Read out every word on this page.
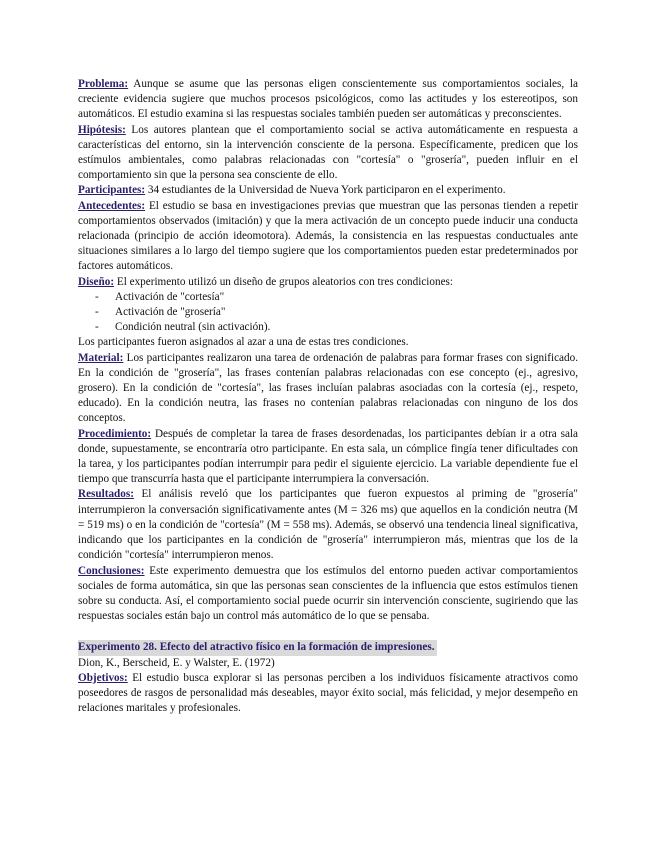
Problema: Aunque se asume que las personas eligen conscientemente sus comportamientos sociales, la creciente evidencia sugiere que muchos procesos psicológicos, como las actitudes y los estereotipos, son automáticos. El estudio examina si las respuestas sociales también pueden ser automáticas y preconscientes.

Hipótesis: Los autores plantean que el comportamiento social se activa automáticamente en respuesta a características del entorno, sin la intervención consciente de la persona. Específicamente, predicen que los estímulos ambientales, como palabras relacionadas con "cortesía" o "grosería", pueden influir en el comportamiento sin que la persona sea consciente de ello.

Participantes: 34 estudiantes de la Universidad de Nueva York participaron en el experimento.

Antecedentes: El estudio se basa en investigaciones previas que muestran que las personas tienden a repetir comportamientos observados (imitación) y que la mera activación de un concepto puede inducir una conducta relacionada (principio de acción ideomotora). Además, la consistencia en las respuestas conductuales ante situaciones similares a lo largo del tiempo sugiere que los comportamientos pueden estar predeterminados por factores automáticos.

Diseño: El experimento utilizó un diseño de grupos aleatorios con tres condiciones:

- Activación de "cortesía"
- Activación de "grosería"
- Condición neutral (sin activación).

Los participantes fueron asignados al azar a una de estas tres condiciones.

Material: Los participantes realizaron una tarea de ordenación de palabras para formar frases con significado. En la condición de "grosería", las frases contenían palabras relacionadas con ese concepto (ej., agresivo, grosero). En la condición de "cortesía", las frases incluían palabras asociadas con la cortesía (ej., respeto, educado). En la condición neutra, las frases no contenían palabras relacionadas con ninguno de los dos conceptos.

Procedimiento: Después de completar la tarea de frases desordenadas, los participantes debían ir a otra sala donde, supuestamente, se encontraría otro participante. En esta sala, un cómplice fingía tener dificultades con la tarea, y los participantes podían interrumpir para pedir el siguiente ejercicio. La variable dependiente fue el tiempo que transcurría hasta que el participante interrumpiera la conversación.

Resultados: El análisis reveló que los participantes que fueron expuestos al priming de "grosería" interrumpieron la conversación significativamente antes (M = 326 ms) que aquellos en la condición neutra (M = 519 ms) o en la condición de "cortesía" (M = 558 ms). Además, se observó una tendencia lineal significativa, indicando que los participantes en la condición de "grosería" interrumpieron más, mientras que los de la condición "cortesía" interrumpieron menos.

Conclusiones: Este experimento demuestra que los estímulos del entorno pueden activar comportamientos sociales de forma automática, sin que las personas sean conscientes de la influencia que estos estímulos tienen sobre su conducta. Así, el comportamiento social puede ocurrir sin intervención consciente, sugiriendo que las respuestas sociales están bajo un control más automático de lo que se pensaba.

Experimento 28. Efecto del atractivo físico en la formación de impresiones.

Dion, K., Berscheid, E. y Walster, E. (1972)

Objetivos: El estudio busca explorar si las personas perciben a los individuos físicamente atractivos como poseedores de rasgos de personalidad más deseables, mayor éxito social, más felicidad, y mejor desempeño en relaciones maritales y profesionales.
